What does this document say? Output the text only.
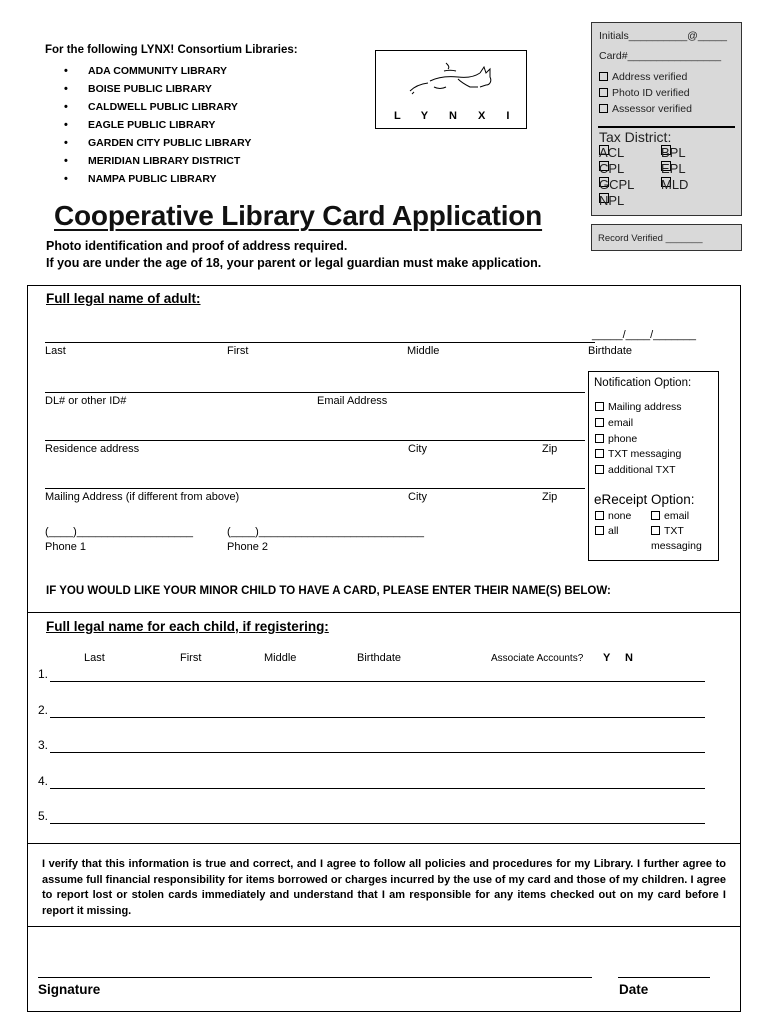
For the following LYNX! Consortium Libraries:
• ADA COMMUNITY LIBRARY
• BOISE PUBLIC LIBRARY
• CALDWELL PUBLIC LIBRARY
• EAGLE PUBLIC LIBRARY
• GARDEN CITY PUBLIC LIBRARY
• MERIDIAN LIBRARY DISTRICT
• NAMPA PUBLIC LIBRARY
LYNXI
Initials__________@_____
Card#________________
Address verified
Photo ID verified
Assessor verified
Tax District:
ACL	BPL
CPL	EPL
GCPL MLD
NPL
Record Verified _______
Cooperative Library Card Application
Photo identification and proof of address required.
If you are under the age of 18, your parent or legal guardian must make application.
Full legal name of adult:
_____/____/_______
Last	First	Middle	Birthdate
DL# or other ID#	Email Address
Residence address	City	Zip
Mailing Address (if different from above)	City	Zip
(____)___________________	(____)___________________________
Phone 1	Phone 2
Notification Option:
Mailing address
email
phone
TXT messaging
additional TXT
eReceipt Option:
none	email
all	TXT
messaging
IF YOU WOULD LIKE YOUR MINOR CHILD TO HAVE A CARD, PLEASE ENTER THEIR NAME(S) BELOW:
Full legal name for each child, if registering:
Last	First	Middle	Birthdate	Associate Accounts? Y N
1.
2.
3.
4.
5.
I verify that this information is true and correct, and I agree to follow all policies and procedures for my Library. I further agree to assume full financial responsibility for items borrowed or charges incurred by the use of my card and those of my children. I agree to report lost or stolen cards immediately and understand that I am responsible for any items checked out on my card before I report it missing.
Signature	Date
